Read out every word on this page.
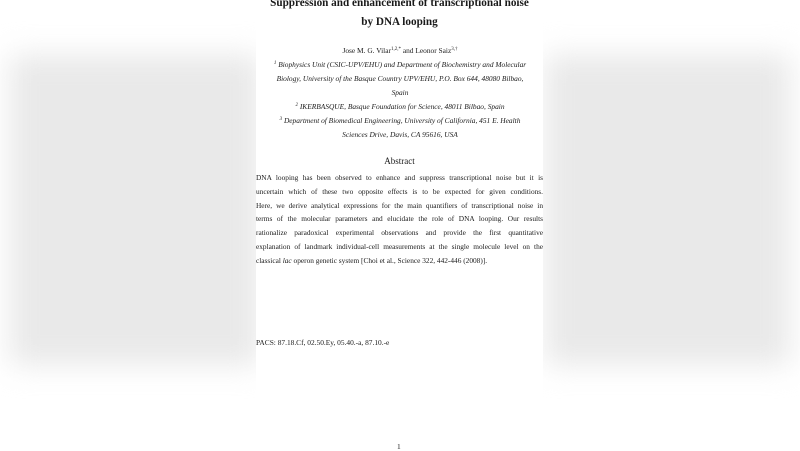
Suppression and enhancement of transcriptional noise
by DNA looping
Jose M. G. Vilar$^{1,2,*}$ and Leonor Saiz$^{3,\dagger}$
$^1$ Biophysics Unit (CSIC-UPV/EHU) and Department of Biochemistry and Molecular
Biology, University of the Basque Country UPV/EHU, P.O. Box 644, 48080 Bilbao,
Spain
$^2$ IKERBASQUE, Basque Foundation for Science, 48011 Bilbao, Spain
$^3$ Department of Biomedical Engineering, University of California, 451 E. Health
Sciences Drive, Davis, CA 95616, USA
Abstract
DNA looping has been observed to enhance and suppress transcriptional noise but it is
uncertain which of these two opposite effects is to be expected for given conditions.
Here, we derive analytical expressions for the main quantifiers of transcriptional noise in
terms of the molecular parameters and elucidate the role of DNA looping. Our results
rationalize paradoxical experimental observations and provide the first quantitative
explanation of landmark individual-cell measurements at the single molecule level on the
classical lac operon genetic system [Choi et al., Science 322, 442-446 (2008)].
PACS: 87.18.Cf, 02.50.Ey, 05.40.-a, 87.10.-e
1
